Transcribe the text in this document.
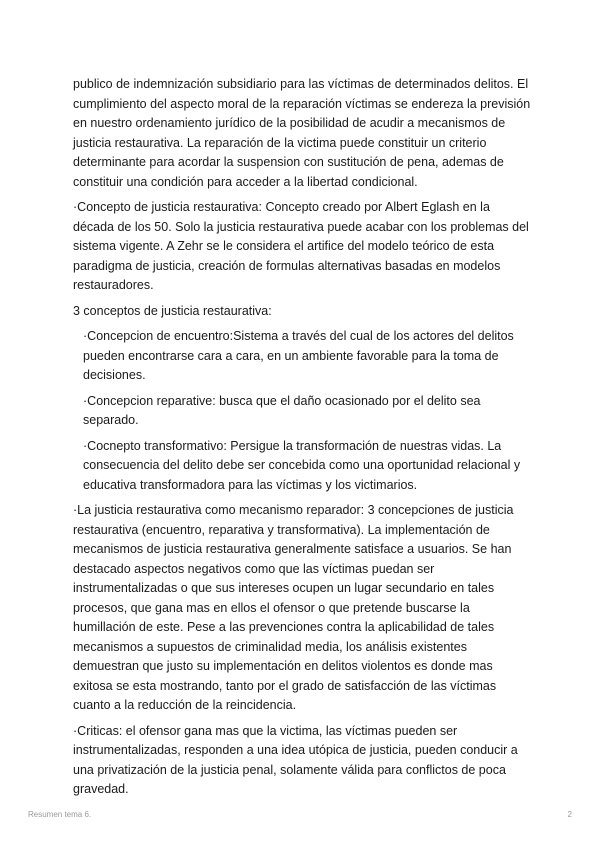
publico de indemnización subsidiario para las víctimas de determinados delitos. El cumplimiento del aspecto moral de la reparación víctimas se endereza la previsión en nuestro ordenamiento jurídico de la posibilidad de acudir a mecanismos de justicia restaurativa. La reparación de la victima puede constituir un criterio determinante para acordar la suspension con sustitución de pena, ademas de constituir una condición para acceder a la libertad condicional.

·Concepto de justicia restaurativa: Concepto creado por Albert Eglash en la década de los 50. Solo la justicia restaurativa puede acabar con los problemas del sistema vigente. A Zehr se le considera el artifice del modelo teórico de esta paradigma de justicia, creación de formulas alternativas basadas en modelos restauradores.

3 conceptos de justicia restaurativa:

·Concepcion de encuentro:Sistema a través del cual de los actores del delitos pueden encontrarse cara a cara, en un ambiente favorable para la toma de decisiones.

·Concepcion reparative: busca que el daño ocasionado por el delito sea separado.

·Cocnepto transformativo: Persigue la transformación de nuestras vidas. La consecuencia del delito debe ser concebida como una oportunidad relacional y educativa transformadora para las víctimas y los victimarios.

·La justicia restaurativa como mecanismo reparador: 3 concepciones de justicia restaurativa (encuentro, reparativa y transformativa). La implementación de mecanismos de justicia restaurativa generalmente satisface a usuarios. Se han destacado aspectos negativos como que las víctimas puedan ser instrumentalizadas o que sus intereses ocupen un lugar secundario en tales procesos, que gana mas en ellos el ofensor o que pretende buscarse la humillación de este. Pese a las prevenciones contra la aplicabilidad de tales mecanismos a supuestos de criminalidad media, los análisis existentes demuestran que justo su implementación en delitos violentos es donde mas exitosa se esta mostrando, tanto por el grado de satisfacción de las víctimas cuanto a la reducción de la reincidencia.

·Criticas: el ofensor gana mas que la victima, las víctimas pueden ser instrumentalizadas, responden a una idea utópica de justicia, pueden conducir a una privatización de la justicia penal, solamente válida para conflictos de poca gravedad.

Resumen tema 6.	2
